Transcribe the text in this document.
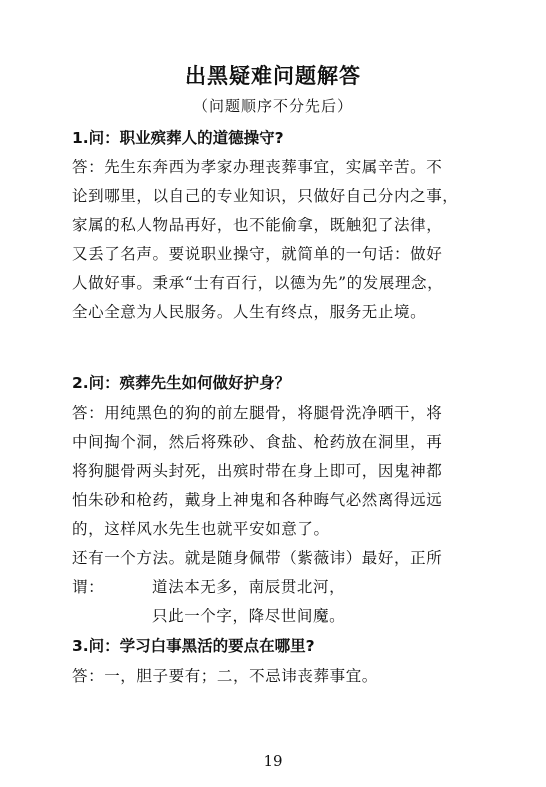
出黑疑难问题解答
（问题顺序不分先后）
1.问：职业殡葬人的道德操守?
答：先生东奔西为孝家办理丧葬事宜，实属辛苦。不
论到哪里，以自己的专业知识，只做好自己分内之事，
家属的私人物品再好，也不能偷拿，既触犯了法律，
又丢了名声。要说职业操守，就简单的一句话：做好
人做好事。秉承“士有百行，以德为先”的发展理念，
全心全意为人民服务。人生有终点，服务无止境。
2.问：殡葬先生如何做好护身？
答：用纯黑色的狗的前左腿骨，将腿骨洗净晒干，将
中间掏个洞，然后将殊砂、食盐、枪药放在洞里，再
将狗腿骨两头封死，出殡时带在身上即可，因鬼神都
怕朱砂和枪药，戴身上神鬼和各种晦气必然离得远远
的，这样风水先生也就平安如意了。
还有一个方法。就是随身佩带（紫薇讳）最好，正所
谓：	道法本无多，南辰贯北河，
只此一个字，降尽世间魔。
3.问：学习白事黑活的要点在哪里?
答：一，胆子要有；二，不忌讳丧葬事宜。
19
